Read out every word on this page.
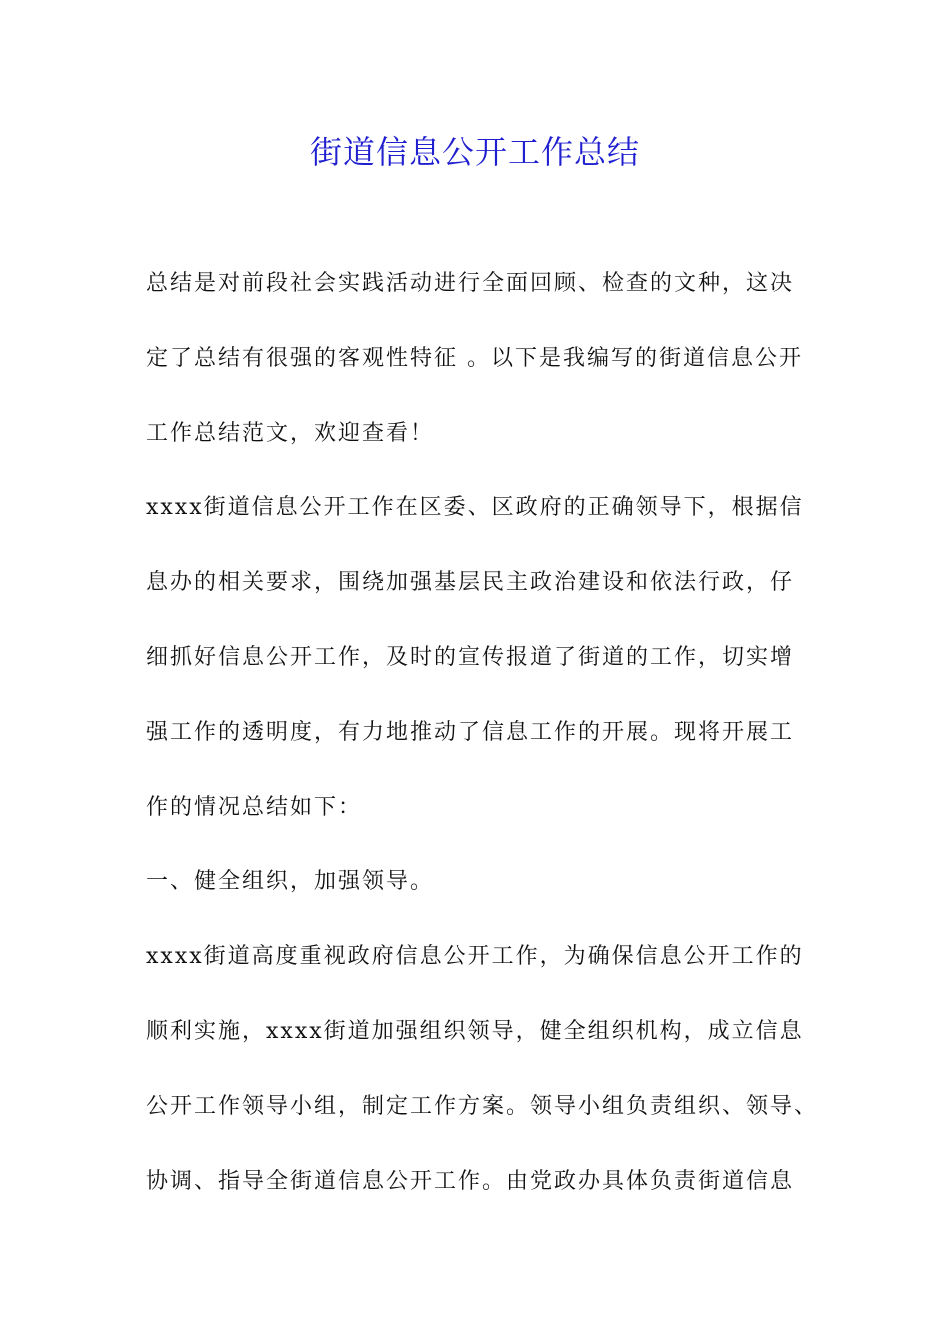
街道信息公开工作总结
总结是对前段社会实践活动进行全面回顾、检查的文种，这决
定了总结有很强的客观性特征 。以下是我编写的街道信息公开
工作总结范文，欢迎查看！
xxxx街道信息公开工作在区委、区政府的正确领导下，根据信
息办的相关要求，围绕加强基层民主政治建设和依法行政，仔
细抓好信息公开工作，及时的宣传报道了街道的工作，切实增
强工作的透明度，有力地推动了信息工作的开展。现将开展工
作的情况总结如下：
一、健全组织，加强领导。
xxxx街道高度重视政府信息公开工作，为确保信息公开工作的
顺利实施，xxxx街道加强组织领导，健全组织机构，成立信息
公开工作领导小组，制定工作方案。领导小组负责组织、领导、
协调、指导全街道信息公开工作。由党政办具体负责街道信息
